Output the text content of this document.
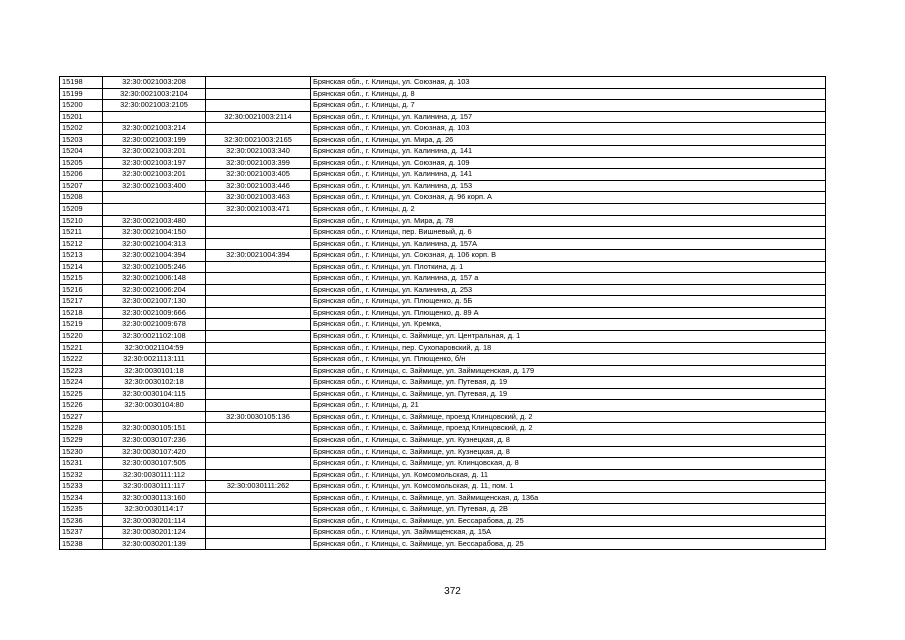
15198	32:30:0021003:208		Брянская обл., г. Клинцы, ул. Союзная, д. 103
15199	32:30:0021003:2104		Брянская обл., г. Клинцы, д. 8
15200	32:30:0021003:2105		Брянская обл., г. Клинцы, д. 7
15201		32:30:0021003:2114	Брянская обл., г. Клинцы, ул. Калинина, д. 157
15202	32:30:0021003:214		Брянская обл., г. Клинцы, ул. Союзная, д. 103
15203	32:30:0021003:199	32:30:0021003:2165	Брянская обл., г. Клинцы, ул. Мира, д. 26
15204	32:30:0021003:201	32:30:0021003:340	Брянская обл., г. Клинцы, ул. Калинина, д. 141
15205	32:30:0021003:197	32:30:0021003:399	Брянская обл., г. Клинцы, ул. Союзная, д. 109
15206	32:30:0021003:201	32:30:0021003:405	Брянская обл., г. Клинцы, ул. Калинина, д. 141
15207	32:30:0021003:400	32:30:0021003:446	Брянская обл., г. Клинцы, ул. Калинина, д. 153
15208		32:30:0021003:463	Брянская обл., г. Клинцы, ул. Союзная, д. 96 корп. А
15209		32:30:0021003:471	Брянская обл., г. Клинцы, д. 2
15210	32:30:0021003:480		Брянская обл., г. Клинцы, ул. Мира, д. 78
15211	32:30:0021004:150		Брянская обл., г. Клинцы, пер. Вишневый, д. 6
15212	32:30:0021004:313		Брянская обл., г. Клинцы, ул. Калинина, д. 157А
15213	32:30:0021004:394	32:30:0021004:394	Брянская обл., г. Клинцы, ул. Союзная, д. 106 корп. В
15214	32:30:0021005:246		Брянская обл., г. Клинцы, ул. Плоткина, д. 1
15215	32:30:0021006:148		Брянская обл., г. Клинцы, ул. Калинина, д. 157 а
15216	32:30:0021006:204		Брянская обл., г. Клинцы, ул. Калинина, д. 253
15217	32:30:0021007:130		Брянская обл., г. Клинцы, ул. Плющенко, д. 5Б
15218	32:30:0021009:666		Брянская обл., г. Клинцы, ул. Плющенко, д. 89 А
15219	32:30:0021009:678		Брянская обл., г. Клинцы, ул. Кремка,
15220	32:30:0021102:108		Брянская обл., г. Клинцы, с. Займище, ул. Центральная, д. 1
15221	32:30:0021104:59		Брянская обл., г. Клинцы, пер. Сухопаровский, д. 18
15222	32:30:0021113:111		Брянская обл., г. Клинцы, ул. Плющенко, б/н
15223	32:30:0030101:18		Брянская обл., г. Клинцы, с. Займище, ул. Займищенская, д. 179
15224	32:30:0030102:18		Брянская обл., г. Клинцы, с. Займище, ул. Путевая, д. 19
15225	32:30:0030104:115		Брянская обл., г. Клинцы, с. Займище, ул. Путевая, д. 19
15226	32:30:0030104:80		Брянская обл., г. Клинцы, д. 21
15227		32:30:0030105:136	Брянская обл., г. Клинцы, с. Займище, проезд Клинцовский, д. 2
15228	32:30:0030105:151		Брянская обл., г. Клинцы, с. Займище, проезд Клинцовский, д. 2
15229	32:30:0030107:236		Брянская обл., г. Клинцы, с. Займище, ул. Кузнецкая, д. 8
15230	32:30:0030107:420		Брянская обл., г. Клинцы, с. Займище, ул. Кузнецкая, д. 8
15231	32:30:0030107:505		Брянская обл., г. Клинцы, с. Займище, ул. Клинцовская, д. 8
15232	32:30:0030111:112		Брянская обл., г. Клинцы, ул. Комсомольская, д. 11
15233	32:30:0030111:117	32:30:0030111:262	Брянская обл., г. Клинцы, ул. Комсомольская, д. 11, пом. 1
15234	32:30:0030113:160		Брянская обл., г. Клинцы, с. Займище, ул. Займищенская, д. 136а
15235	32:30:0030114:17		Брянская обл., г. Клинцы, с. Займище, ул. Путевая, д. 2В
15236	32:30:0030201:114		Брянская обл., г. Клинцы, с. Займище, ул. Бессарабова, д. 25
15237	32:30:0030201:124		Брянская обл., г. Клинцы, ул. Займищенская, д. 15А
15238	32:30:0030201:139		Брянская обл., г. Клинцы, с. Займище, ул. Бессарабова, д. 25
372
